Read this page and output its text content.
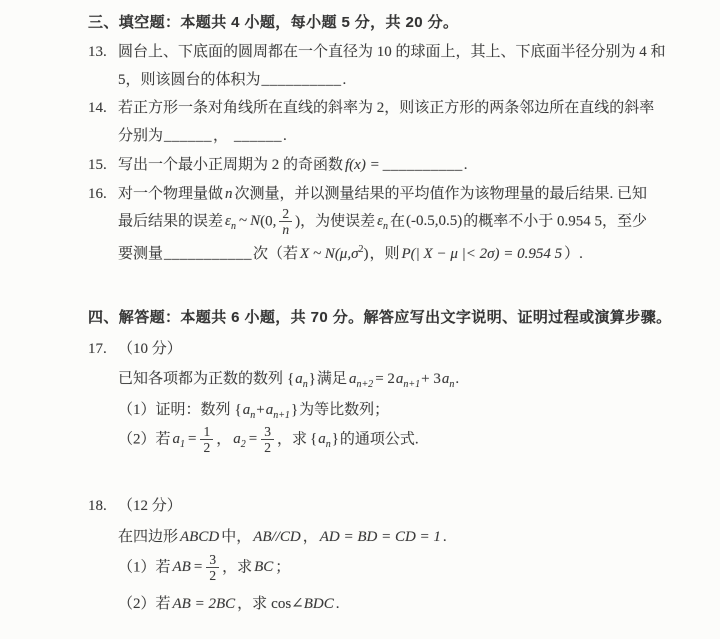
三、填空题：本题共 4 小题，每小题 5 分，共 20 分。
13. 圆台上、下底面的圆周都在一个直径为 10 的球面上，其上、下底面半径分别为 4 和
5，则该圆台的体积为__________.
14. 若正方形一条对角线所在直线的斜率为 2，则该正方形的两条邻边所在直线的斜率
分别为______， ______.
15. 写出一个最小正周期为 2 的奇函数 f(x) = __________.
16. 对一个物理量做 n 次测量，并以测量结果的平均值作为该物理量的最后结果. 已知
最后结果的误差 $\varepsilon_n$ ~ N(0, $\frac{2}{n}$ )，为使误差 $\varepsilon_n$ 在(-0.5,0.5)的概率不小于 0.954 5，至少
要测量___________次（若 X ~ $N(\mu,\sigma^2)$，则 P(| X − μ |< 2σ) = 0.954 5 ）.
四、解答题：本题共 6 小题，共 70 分。解答应写出文字说明、证明过程或演算步骤。
17. （10 分）
已知各项都为正数的数列 $\{a_n\}$满足 $a_{n+2} = 2a_{n+1}+ 3a_n$.
（1）证明：数列 $\{a_n+a_{n+1}\}$为等比数列；
（2）若 $a_1 = \frac{1}{2}$ ， $a_2 = \frac{3}{2}$ ，求 $\{a_n\}$的通项公式.
18. （12 分）
在四边形 ABCD 中， AB//CD ， AD = BD = CD = 1 .
（1）若 AB = $\frac{3}{2}$ ，求 BC ；
（2）若 AB = 2BC ，求 cos∠BDC .
